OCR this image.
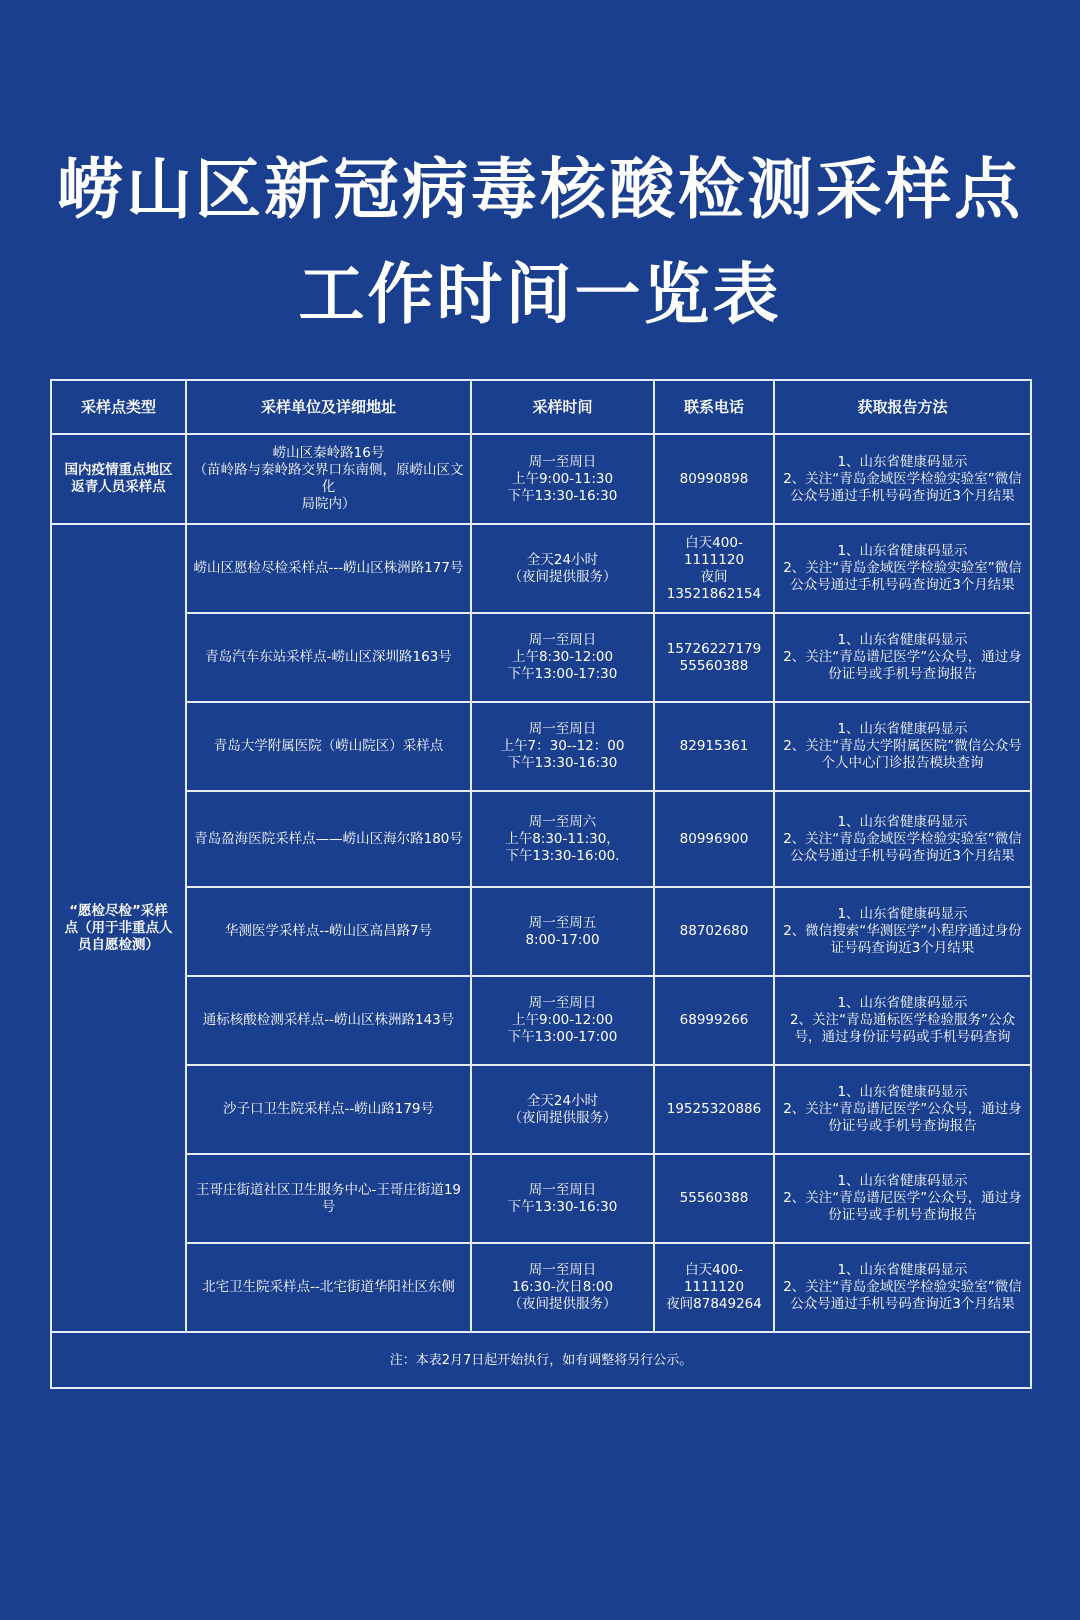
崂山区新冠病毒核酸检测采样点
工作时间一览表
采样点类型	采样单位及详细地址	采样时间	联系电话	获取报告方法
国内疫情重点地区
返青人员采样点	崂山区秦岭路16号
（苗岭路与秦岭路交界口东南侧，原崂山区文化
局院内）	周一至周日
上午9:00-11:30
下午13:30-16:30	80990898	1、山东省健康码显示
2、关注“青岛金域医学检验实验室”微信
公众号通过手机号码查询近3个月结果
“愿检尽检”采样
点（用于非重点人
员自愿检测）	崂山区愿检尽检采样点---崂山区株洲路177号	全天24小时
（夜间提供服务）	白天400-
1111120
夜间
13521862154	1、山东省健康码显示
2、关注“青岛金域医学检验实验室”微信
公众号通过手机号码查询近3个月结果
	青岛汽车东站采样点-崂山区深圳路163号	周一至周日
上午8:30-12:00
下午13:00-17:30	15726227179
55560388	1、山东省健康码显示
2、关注“青岛谱尼医学”公众号，通过身
份证号或手机号查询报告
	青岛大学附属医院（崂山院区）采样点	周一至周日
上午7：30--12：00
下午13:30-16:30	82915361	1、山东省健康码显示
2、关注“青岛大学附属医院”微信公众号
个人中心门诊报告模块查询
	青岛盈海医院采样点——崂山区海尔路180号	周一至周六
上午8:30-11:30，
下午13:30-16:00.	80996900	1、山东省健康码显示
2、关注“青岛金域医学检验实验室”微信
公众号通过手机号码查询近3个月结果
	华测医学采样点--崂山区高昌路7号	周一至周五
8:00-17:00	88702680	1、山东省健康码显示
2、微信搜索“华测医学”小程序通过身份
证号码查询近3个月结果
	通标核酸检测采样点--崂山区株洲路143号	周一至周日
上午9:00-12:00
下午13:00-17:00	68999266	1、山东省健康码显示
2、关注“青岛通标医学检验服务”公众
号，通过身份证号码或手机号码查询
	沙子口卫生院采样点--崂山路179号	全天24小时
（夜间提供服务）	19525320886	1、山东省健康码显示
2、关注“青岛谱尼医学”公众号，通过身
份证号或手机号查询报告
	王哥庄街道社区卫生服务中心-王哥庄街道19号	周一至周日
下午13:30-16:30	55560388	1、山东省健康码显示
2、关注“青岛谱尼医学”公众号，通过身
份证号或手机号查询报告
	北宅卫生院采样点--北宅街道华阳社区东侧	周一至周日
16:30-次日8:00
（夜间提供服务）	白天400-
1111120
夜间87849264	1、山东省健康码显示
2、关注“青岛金域医学检验实验室”微信
公众号通过手机号码查询近3个月结果
注：本表2月7日起开始执行，如有调整将另行公示。				
